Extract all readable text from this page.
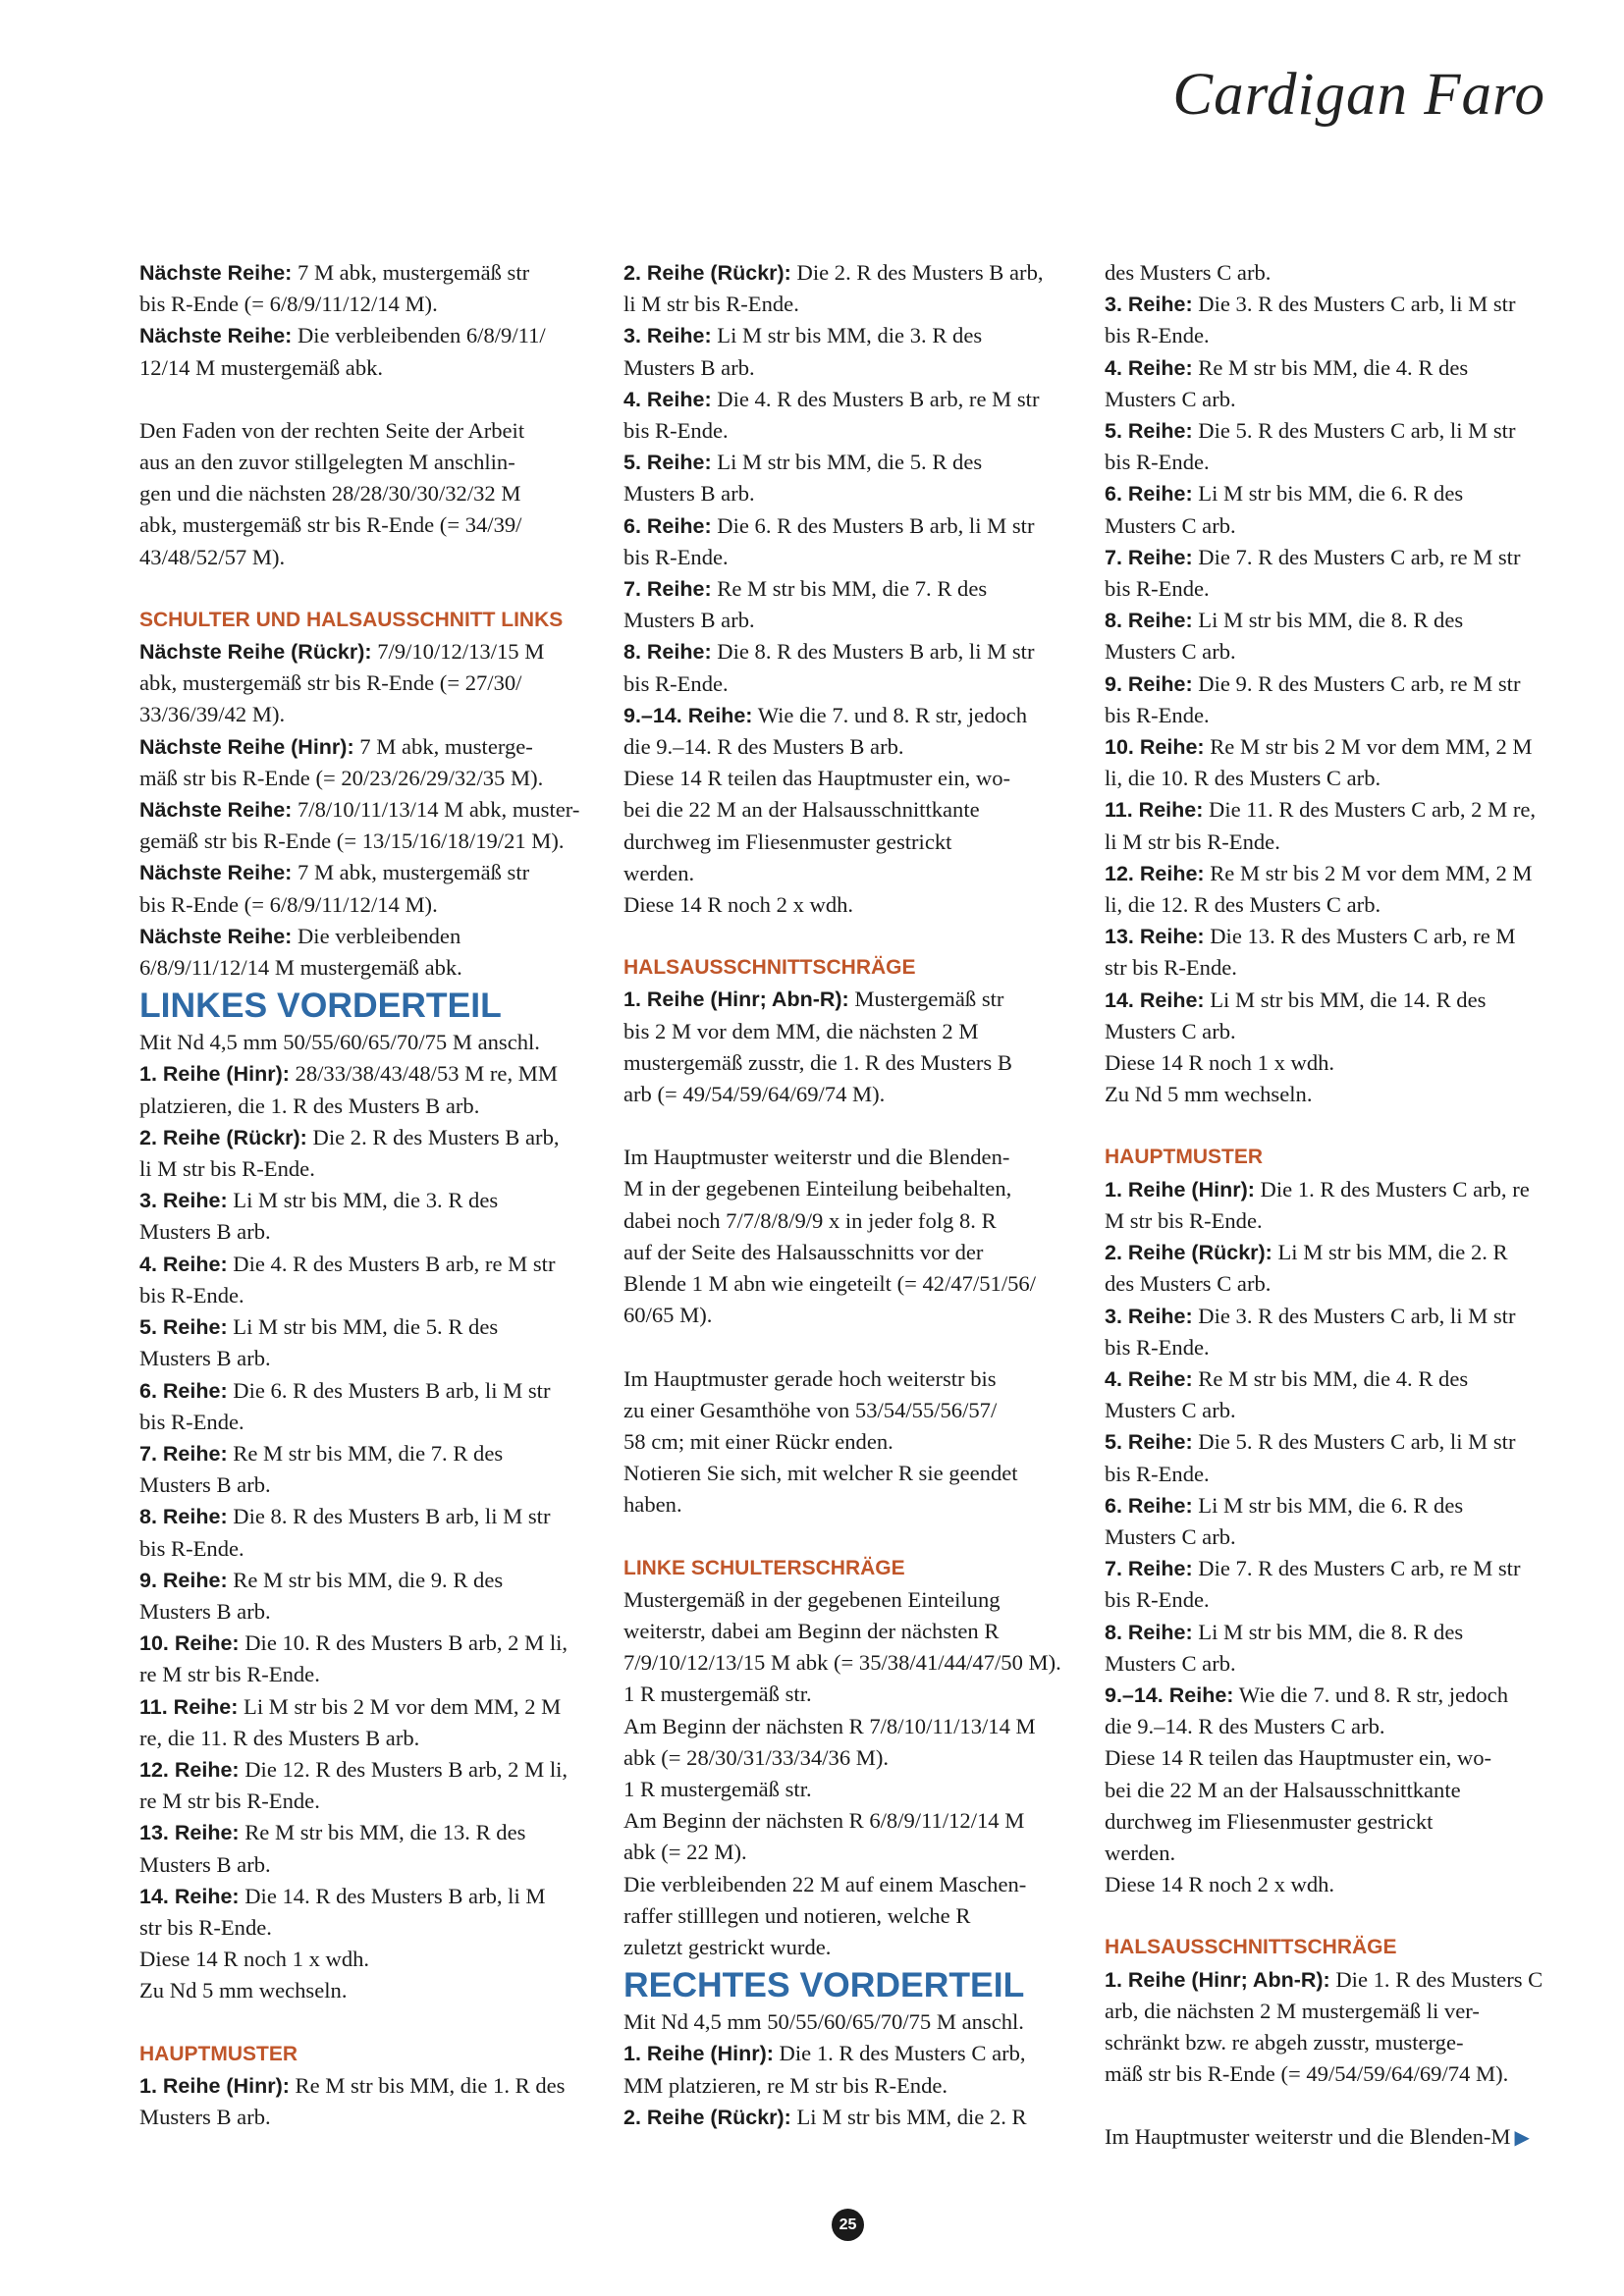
Cardigan Faro

Nächste Reihe: 7 M abk, mustergemäß str

bis R-Ende (= 6/8/9/11/12/14 M).

Nächste Reihe: Die verbleibenden 6/8/9/11/

12/14 M mustergemäß abk.

Den Faden von der rechten Seite der Arbeit

aus an den zuvor stillgelegten M anschlin-

gen und die nächsten 28/28/30/30/32/32 M

abk, mustergemäß str bis R-Ende (= 34/39/

43/48/52/57 M).

SCHULTER UND HALSAUSSCHNITT LINKS

Nächste Reihe (Rückr): 7/9/10/12/13/15 M

abk, mustergemäß str bis R-Ende (= 27/30/

33/36/39/42 M).

Nächste Reihe (Hinr): 7 M abk, musterge-

mäß str bis R-Ende (= 20/23/26/29/32/35 M).

Nächste Reihe: 7/8/10/11/13/14 M abk, muster-

gemäß str bis R-Ende (= 13/15/16/18/19/21 M).

Nächste Reihe: 7 M abk, mustergemäß str

bis R-Ende (= 6/8/9/11/12/14 M).

Nächste Reihe: Die verbleibenden

6/8/9/11/12/14 M mustergemäß abk.

LINKES VORDERTEIL

Mit Nd 4,5 mm 50/55/60/65/70/75 M anschl.

1. Reihe (Hinr): 28/33/38/43/48/53 M re, MM

platzieren, die 1. R des Musters B arb.

2. Reihe (Rückr): Die 2. R des Musters B arb,

li M str bis R-Ende.

3. Reihe: Li M str bis MM, die 3. R des

Musters B arb.

4. Reihe: Die 4. R des Musters B arb, re M str

bis R-Ende.

5. Reihe: Li M str bis MM, die 5. R des

Musters B arb.

6. Reihe: Die 6. R des Musters B arb, li M str

bis R-Ende.

7. Reihe: Re M str bis MM, die 7. R des

Musters B arb.

8. Reihe: Die 8. R des Musters B arb, li M str

bis R-Ende.

9. Reihe: Re M str bis MM, die 9. R des

Musters B arb.

10. Reihe: Die 10. R des Musters B arb, 2 M li,

re M str bis R-Ende.

11. Reihe: Li M str bis 2 M vor dem MM, 2 M

re, die 11. R des Musters B arb.

12. Reihe: Die 12. R des Musters B arb, 2 M li,

re M str bis R-Ende.

13. Reihe: Re M str bis MM, die 13. R des

Musters B arb.

14. Reihe: Die 14. R des Musters B arb, li M

str bis R-Ende.

Diese 14 R noch 1 x wdh.

Zu Nd 5 mm wechseln.

HAUPTMUSTER

1. Reihe (Hinr): Re M str bis MM, die 1. R des

Musters B arb.

2. Reihe (Rückr): Die 2. R des Musters B arb,

li M str bis R-Ende.

3. Reihe: Li M str bis MM, die 3. R des

Musters B arb.

4. Reihe: Die 4. R des Musters B arb, re M str

bis R-Ende.

5. Reihe: Li M str bis MM, die 5. R des

Musters B arb.

6. Reihe: Die 6. R des Musters B arb, li M str

bis R-Ende.

7. Reihe: Re M str bis MM, die 7. R des

Musters B arb.

8. Reihe: Die 8. R des Musters B arb, li M str

bis R-Ende.

9.–14. Reihe: Wie die 7. und 8. R str, jedoch

die 9.–14. R des Musters B arb.

Diese 14 R teilen das Hauptmuster ein, wo-

bei die 22 M an der Halsausschnittkante

durchweg im Fliesenmuster gestrickt

werden.

Diese 14 R noch 2 x wdh.

HALSAUSSCHNITTSCHRÄGE

1. Reihe (Hinr; Abn-R): Mustergemäß str

bis 2 M vor dem MM, die nächsten 2 M

mustergemäß zusstr, die 1. R des Musters B

arb (= 49/54/59/64/69/74 M).

Im Hauptmuster weiterstr und die Blenden-

M in der gegebenen Einteilung beibehalten,

dabei noch 7/7/8/8/9/9 x in jeder folg 8. R

auf der Seite des Halsausschnitts vor der

Blende 1 M abn wie eingeteilt (= 42/47/51/56/

60/65 M).

Im Hauptmuster gerade hoch weiterstr bis

zu einer Gesamthöhe von 53/54/55/56/57/

58 cm; mit einer Rückr enden.

Notieren Sie sich, mit welcher R sie geendet

haben.

LINKE SCHULTERSCHRÄGE

Mustergemäß in der gegebenen Einteilung

weiterstr, dabei am Beginn der nächsten R

7/9/10/12/13/15 M abk (= 35/38/41/44/47/50 M).

1 R mustergemäß str.

Am Beginn der nächsten R 7/8/10/11/13/14 M

abk (= 28/30/31/33/34/36 M).

1 R mustergemäß str.

Am Beginn der nächsten R 6/8/9/11/12/14 M

abk (= 22 M).

Die verbleibenden 22 M auf einem Maschen-

raffer stilllegen und notieren, welche R

zuletzt gestrickt wurde.

RECHTES VORDERTEIL

Mit Nd 4,5 mm 50/55/60/65/70/75 M anschl.

1. Reihe (Hinr): Die 1. R des Musters C arb,

MM platzieren, re M str bis R-Ende.

2. Reihe (Rückr): Li M str bis MM, die 2. R

des Musters C arb.

3. Reihe: Die 3. R des Musters C arb, li M str

bis R-Ende.

4. Reihe: Re M str bis MM, die 4. R des

Musters C arb.

5. Reihe: Die 5. R des Musters C arb, li M str

bis R-Ende.

6. Reihe: Li M str bis MM, die 6. R des

Musters C arb.

7. Reihe: Die 7. R des Musters C arb, re M str

bis R-Ende.

8. Reihe: Li M str bis MM, die 8. R des

Musters C arb.

9. Reihe: Die 9. R des Musters C arb, re M str

bis R-Ende.

10. Reihe: Re M str bis 2 M vor dem MM, 2 M

li, die 10. R des Musters C arb.

11. Reihe: Die 11. R des Musters C arb, 2 M re,

li M str bis R-Ende.

12. Reihe: Re M str bis 2 M vor dem MM, 2 M

li, die 12. R des Musters C arb.

13. Reihe: Die 13. R des Musters C arb, re M

str bis R-Ende.

14. Reihe: Li M str bis MM, die 14. R des

Musters C arb.

Diese 14 R noch 1 x wdh.

Zu Nd 5 mm wechseln.

HAUPTMUSTER

1. Reihe (Hinr): Die 1. R des Musters C arb, re

M str bis R-Ende.

2. Reihe (Rückr): Li M str bis MM, die 2. R

des Musters C arb.

3. Reihe: Die 3. R des Musters C arb, li M str

bis R-Ende.

4. Reihe: Re M str bis MM, die 4. R des

Musters C arb.

5. Reihe: Die 5. R des Musters C arb, li M str

bis R-Ende.

6. Reihe: Li M str bis MM, die 6. R des

Musters C arb.

7. Reihe: Die 7. R des Musters C arb, re M str

bis R-Ende.

8. Reihe: Li M str bis MM, die 8. R des

Musters C arb.

9.–14. Reihe: Wie die 7. und 8. R str, jedoch

die 9.–14. R des Musters C arb.

Diese 14 R teilen das Hauptmuster ein, wo-

bei die 22 M an der Halsausschnittkante

durchweg im Fliesenmuster gestrickt

werden.

Diese 14 R noch 2 x wdh.

HALSAUSSCHNITTSCHRÄGE

1. Reihe (Hinr; Abn-R): Die 1. R des Musters C

arb, die nächsten 2 M mustergemäß li ver-

schränkt bzw. re abgeh zusstr, musterge-

mäß str bis R-Ende (= 49/54/59/64/69/74 M).

Im Hauptmuster weiterstr und die Blenden-M ▶

25
